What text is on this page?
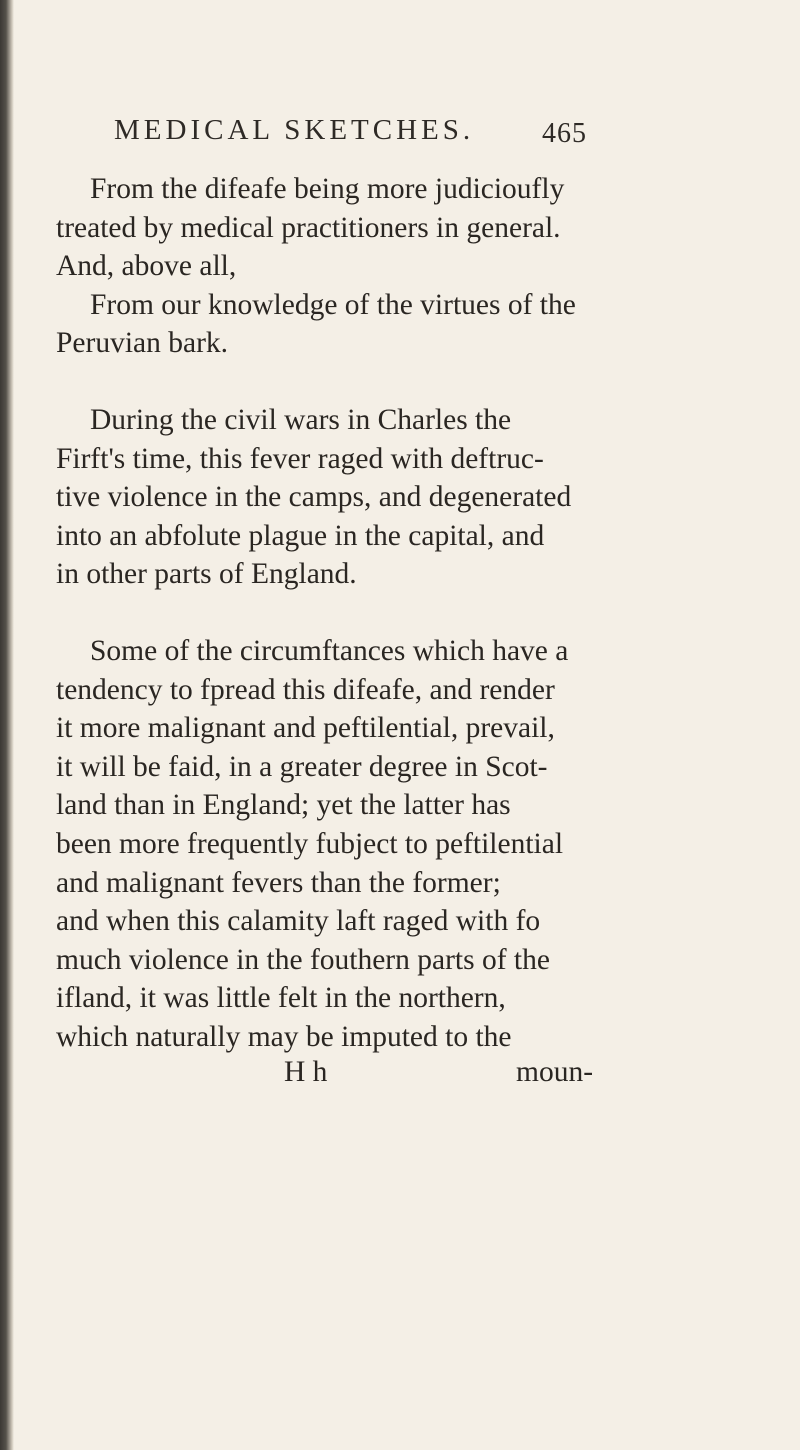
MEDICAL SKETCHES. 465

From the difeafe being more judicioufly
treated by medical practitioners in general.
And, above all,
From our knowledge of the virtues of the
Peruvian bark.

During the civil wars in Charles the
Firft's time, this fever raged with deftruc-
tive violence in the camps, and degenerated
into an abfolute plague in the capital, and
in other parts of England.

Some of the circumftances which have a
tendency to fpread this difeafe, and render
it more malignant and peftilential, prevail,
it will be faid, in a greater degree in Scot-
land than in England; yet the latter has
been more frequently fubject to peftilential
and malignant fevers than the former;
and when this calamity laft raged with fo
much violence in the fouthern parts of the
ifland, it was little felt in the northern,
which naturally may be imputed to the

H h	moun-
